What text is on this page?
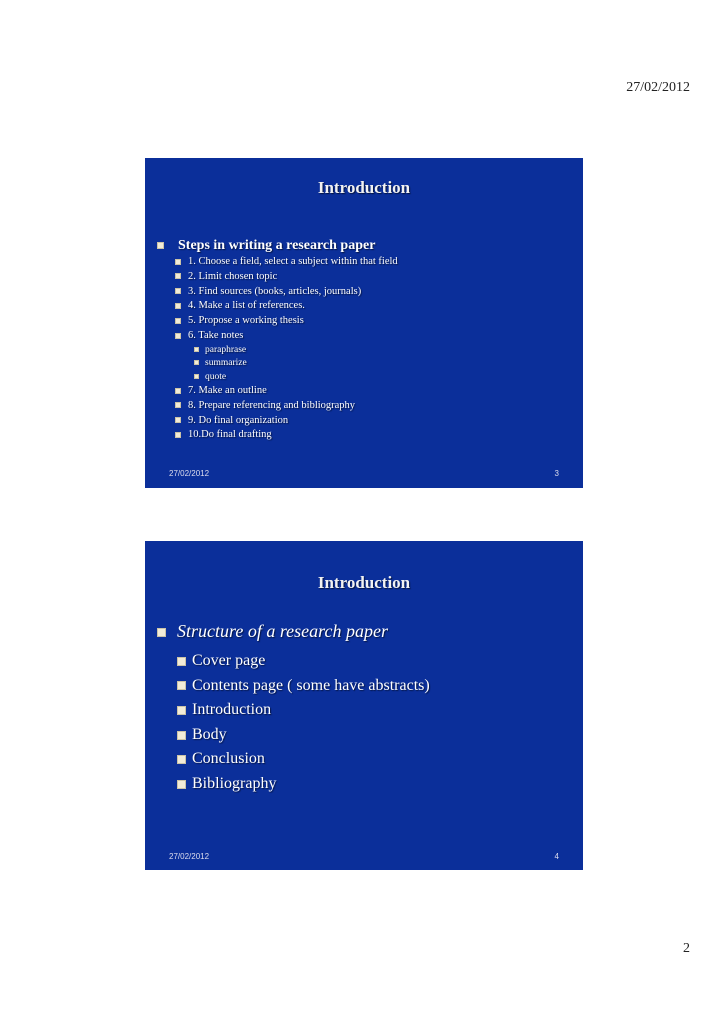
27/02/2012
Introduction
Steps in writing a research paper
1. Choose a field, select a subject within that field
2. Limit chosen topic
3. Find sources (books, articles, journals)
4. Make a list of references.
5. Propose a working thesis
6. Take notes
paraphrase
summarize
quote
7. Make an outline
8. Prepare referencing and bibliography
9. Do final organization
10.Do final drafting
27/02/2012	3
Introduction
Structure of a research paper
Cover page
Contents page ( some have abstracts)
Introduction
Body
Conclusion
Bibliography
27/02/2012	4
2
